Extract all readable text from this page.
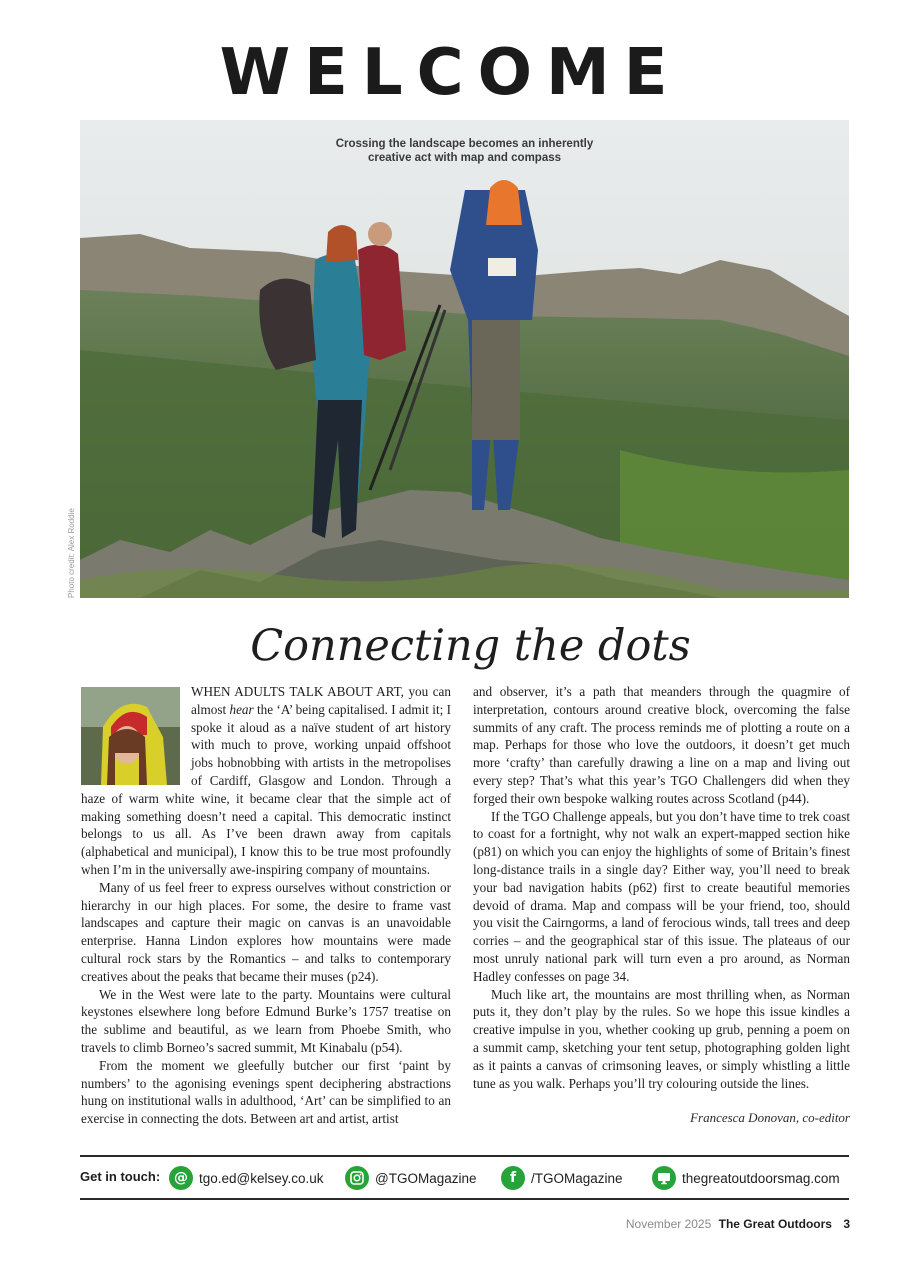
WELCOME
Crossing the landscape becomes an inherently
creative act with map and compass
Photo credit: Alex Roddie
Connecting the dots

WHEN ADULTS TALK ABOUT ART, you can almost hear the ‘A’ being capitalised. I admit it; I spoke it aloud as a naïve student of art history with much to prove, working unpaid offshoot jobs hobnobbing with artists in the metropolises of Cardiff, Glasgow and London. Through a haze of warm white wine, it became clear that the simple act of making something doesn’t need a capital. This democratic instinct belongs to us all. As I’ve been drawn away from capitals (alphabetical and municipal), I know this to be true most profoundly when I’m in the universally awe-inspiring company of mountains.

Many of us feel freer to express ourselves without constriction or hierarchy in our high places. For some, the desire to frame vast landscapes and capture their magic on canvas is an unavoidable enterprise. Hanna Lindon explores how mountains were made cultural rock stars by the Romantics – and talks to contemporary creatives about the peaks that became their muses (p24).

We in the West were late to the party. Mountains were cultural keystones elsewhere long before Edmund Burke’s 1757 treatise on the sublime and beautiful, as we learn from Phoebe Smith, who travels to climb Borneo’s sacred summit, Mt Kinabalu (p54).

From the moment we gleefully butcher our first ‘paint by numbers’ to the agonising evenings spent deciphering abstractions hung on institutional walls in adulthood, ‘Art’ can be simplified to an exercise in connecting the dots. Between art and artist, artist

and observer, it’s a path that meanders through the quagmire of interpretation, contours around creative block, overcoming the false summits of any craft. The process reminds me of plotting a route on a map. Perhaps for those who love the outdoors, it doesn’t get much more ‘crafty’ than carefully drawing a line on a map and living out every step? That’s what this year’s TGO Challengers did when they forged their own bespoke walking routes across Scotland (p44).

If the TGO Challenge appeals, but you don’t have time to trek coast to coast for a fortnight, why not walk an expert-mapped section hike (p81) on which you can enjoy the highlights of some of Britain’s finest long-distance trails in a single day? Either way, you’ll need to break your bad navigation habits (p62) first to create beautiful memories devoid of drama. Map and compass will be your friend, too, should you visit the Cairngorms, a land of ferocious winds, tall trees and deep corries – and the geographical star of this issue. The plateaus of our most unruly national park will turn even a pro around, as Norman Hadley confesses on page 34.

Much like art, the mountains are most thrilling when, as Norman puts it, they don’t play by the rules. So we hope this issue kindles a creative impulse in you, whether cooking up grub, penning a poem on a summit camp, sketching your tent setup, photographing golden light as it paints a canvas of crimsoning leaves, or simply whistling a little tune as you walk. Perhaps you’ll try colouring outside the lines.

Francesca Donovan, co-editor
Get in touch: @ tgo.ed@kelsey.co.uk	@TGOMagazine	f	/TGOMagazine	thegreatoutdoorsmag.com
November 2025 The Great Outdoors 3
